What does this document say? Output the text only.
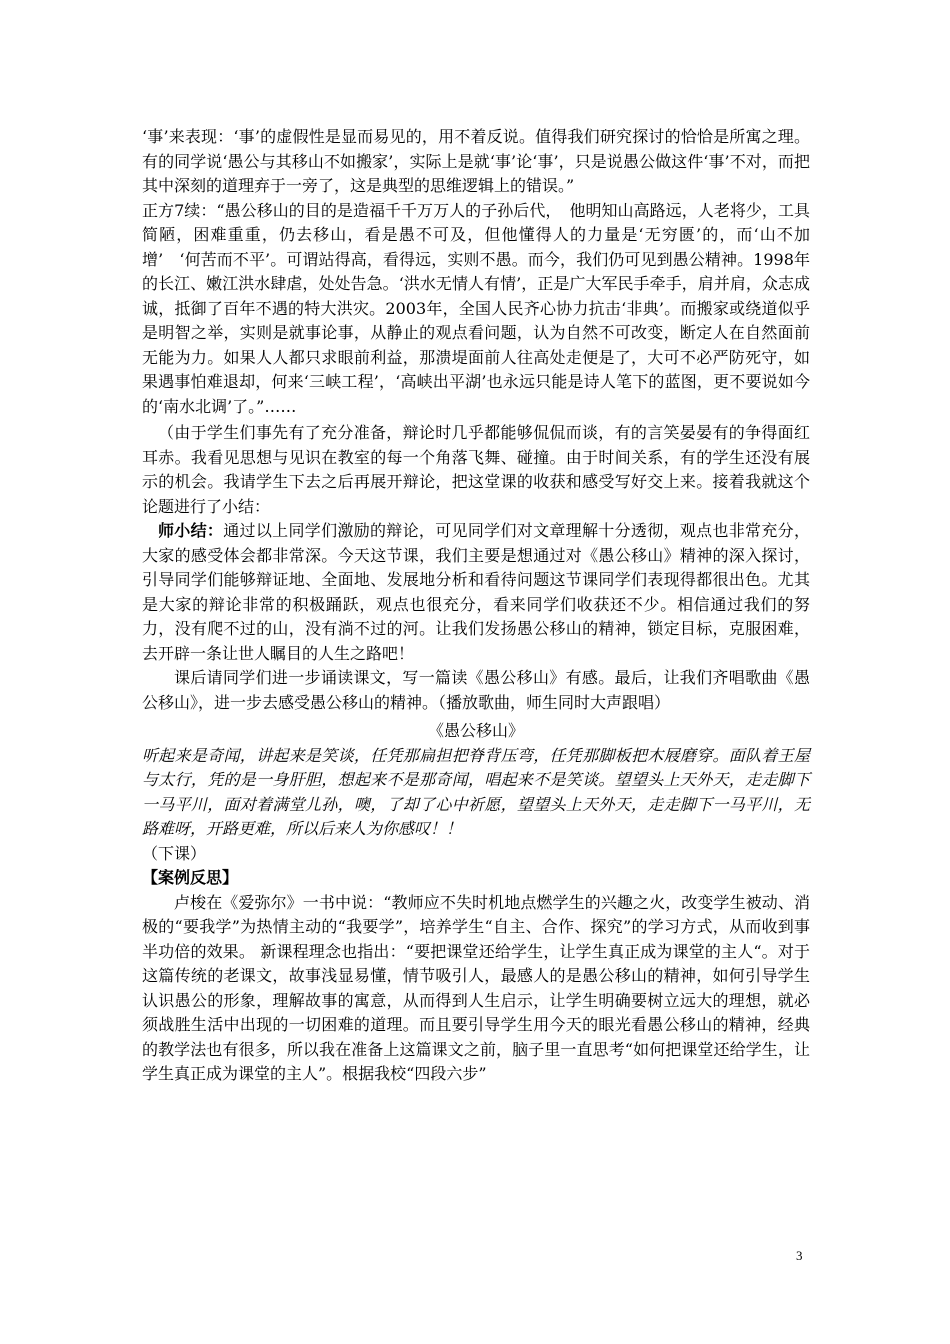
‘事’来表现：‘事’的虚假性是显而易见的，用不着反说。值得我们研究探讨的恰恰是所寓之理。有的同学说‘愚公与其移山不如搬家’，实际上是就‘事’论‘事’，只是说愚公做这件‘事’不对，而把其中深刻的道理弃于一旁了，这是典型的思维逻辑上的错误。”

正方7续：“愚公移山的目的是造福千千万万人的子孙后代，　他明知山高路远，人老将少，工具简陋，困难重重，仍去移山，看是愚不可及，但他懂得人的力量是‘无穷匮’的，而‘山不加增’　‘何苦而不平’。可谓站得高，看得远，实则不愚。而今，我们仍可见到愚公精神。1998年的长江、嫩江洪水肆虐，处处告急。‘洪水无情人有情’，正是广大军民手牵手，肩并肩，众志成诚，抵御了百年不遇的特大洪灾。2003年，全国人民齐心协力抗击‘非典’。而搬家或绕道似乎是明智之举，实则是就事论事，从静止的观点看问题，认为自然不可改变，断定人在自然面前无能为力。如果人人都只求眼前利益，那溃堤面前人往高处走便是了，大可不必严防死守，如果遇事怕难退却，何来‘三峡工程’，‘高峡出平湖’也永远只能是诗人笔下的蓝图，更不要说如今的‘南水北调’了。”……

（由于学生们事先有了充分准备，辩论时几乎都能够侃侃而谈，有的言笑晏晏有的争得面红耳赤。我看见思想与见识在教室的每一个角落飞舞、碰撞。由于时间关系，有的学生还没有展示的机会。我请学生下去之后再展开辩论，把这堂课的收获和感受写好交上来。接着我就这个论题进行了小结：

师小结：通过以上同学们激励的辩论，可见同学们对文章理解十分透彻，观点也非常充分，大家的感受体会都非常深。今天这节课，我们主要是想通过对《愚公移山》精神的深入探讨，引导同学们能够辩证地、全面地、发展地分析和看待问题这节课同学们表现得都很出色。尤其是大家的辩论非常的积极踊跃，观点也很充分，看来同学们收获还不少。相信通过我们的努力，没有爬不过的山，没有淌不过的河。让我们发扬愚公移山的精神，锁定目标，克服困难，去开辟一条让世人瞩目的人生之路吧！

课后请同学们进一步诵读课文，写一篇读《愚公移山》有感。最后，让我们齐唱歌曲《愚公移山》，进一步去感受愚公移山的精神。（播放歌曲，师生同时大声跟唱）

《愚公移山》

听起来是奇闻，讲起来是笑谈，任凭那扁担把脊背压弯，任凭那脚板把木屐磨穿。面队着王屋与太行，凭的是一身肝胆，想起来不是那奇闻，唱起来不是笑谈。望望头上天外天，走走脚下一马平川，面对着满堂儿孙，噢，了却了心中祈愿，望望头上天外天，走走脚下一马平川，无路难呀，开路更难，所以后来人为你感叹！！

（下课）

【案例反思】

卢梭在《爱弥尔》一书中说：“教师应不失时机地点燃学生的兴趣之火，改变学生被动、消极的“要我学”为热情主动的“我要学”，培养学生“自主、合作、探究”的学习方式，从而收到事半功倍的效果。 新课程理念也指出：“要把课堂还给学生，让学生真正成为课堂的主人“。对于这篇传统的老课文，故事浅显易懂，情节吸引人，最感人的是愚公移山的精神，如何引导学生认识愚公的形象，理解故事的寓意，从而得到人生启示，让学生明确要树立远大的理想，就必须战胜生活中出现的一切困难的道理。而且要引导学生用今天的眼光看愚公移山的精神，经典的教学法也有很多，所以我在准备上这篇课文之前，脑子里一直思考“如何把课堂还给学生，让学生真正成为课堂的主人”。根据我校“四段六步”

3
